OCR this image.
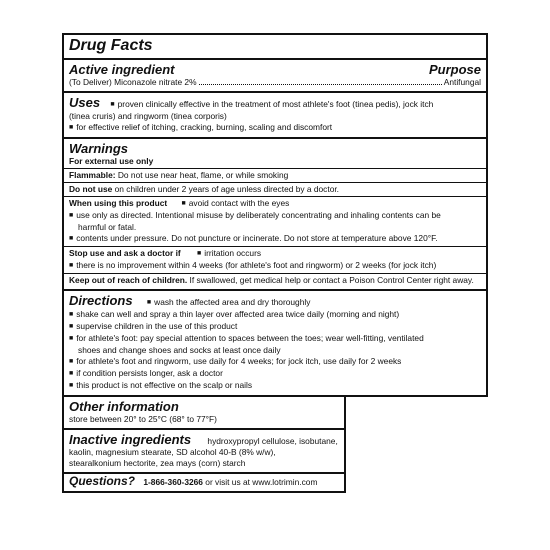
Drug Facts
Active ingredient	Purpose
(To Deliver) Miconazole nitrate 2%	Antifungal
Uses ■ proven clinically effective in the treatment of most athlete's foot (tinea pedis), jock itch
(tinea cruris) and ringworm (tinea corporis)
■ for effective relief of itching, cracking, burning, scaling and discomfort
Warnings
For external use only
Flammable: Do not use near heat, flame, or while smoking
Do not use on children under 2 years of age unless directed by a doctor.
When using this product	■ avoid contact with the eyes
■ use only as directed. Intentional misuse by deliberately concentrating and inhaling contents can be
harmful or fatal.
■ contents under pressure. Do not puncture or incinerate. Do not store at temperature above 120°F.
Stop use and ask a doctor if	■ irritation occurs
■ there is no improvement within 4 weeks (for athlete's foot and ringworm) or 2 weeks (for jock itch)
Keep out of reach of children. If swallowed, get medical help or contact a Poison Control Center right away.
Directions	■ wash the affected area and dry thoroughly
■ shake can well and spray a thin layer over affected area twice daily (morning and night)
■ supervise children in the use of this product
■ for athlete's foot: pay special attention to spaces between the toes; wear well-fitting, ventilated
shoes and change shoes and socks at least once daily
■ for athlete's foot and ringworm, use daily for 4 weeks; for jock itch, use daily for 2 weeks
■ if condition persists longer, ask a doctor
■ this product is not effective on the scalp or nails
Other information
store between 20° to 25°C (68° to 77°F)
Inactive ingredients hydroxypropyl cellulose, isobutane,
kaolin, magnesium stearate, SD alcohol 40-B (8% w/w),
stearalkonium hectorite, zea mays (corn) starch
Questions? 1-866-360-3266 or visit us at www.lotrimin.com
